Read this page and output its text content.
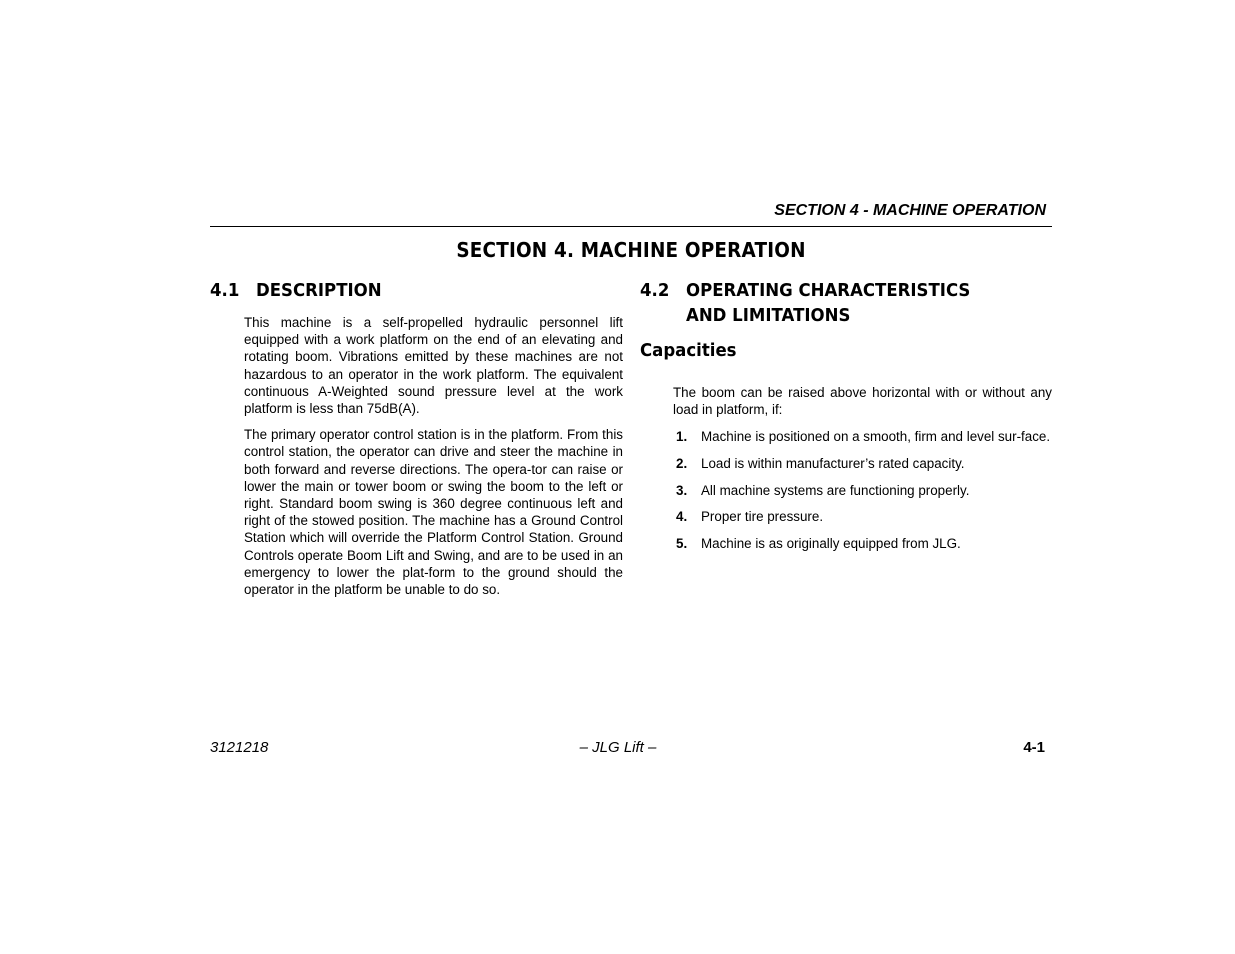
SECTION 4 - MACHINE OPERATION
SECTION 4. MACHINE OPERATION
4.1 DESCRIPTION

This machine is a self-propelled hydraulic personnel lift equipped with a work platform on the end of an elevating and rotating boom. Vibrations emitted by these machines are not hazardous to an operator in the work platform. The equivalent continuous A-Weighted sound pressure level at the work platform is less than 75dB(A).

The primary operator control station is in the platform. From this control station, the operator can drive and steer the machine in both forward and reverse directions. The opera-tor can raise or lower the main or tower boom or swing the boom to the left or right. Standard boom swing is 360 degree continuous left and right of the stowed position. The machine has a Ground Control Station which will override the Platform Control Station. Ground Controls operate Boom Lift and Swing, and are to be used in an emergency to lower the plat-form to the ground should the operator in the platform be unable to do so.

4.2 OPERATING CHARACTERISTICS AND LIMITATIONS
Capacities

The boom can be raised above horizontal with or without any load in platform, if:

1.	Machine is positioned on a smooth, firm and level sur-face.
2.	Load is within manufacturer’s rated capacity.
3.	All machine systems are functioning properly.
4.	Proper tire pressure.
5.	Machine is as originally equipped from JLG.
3121218	– JLG Lift –	4-1
